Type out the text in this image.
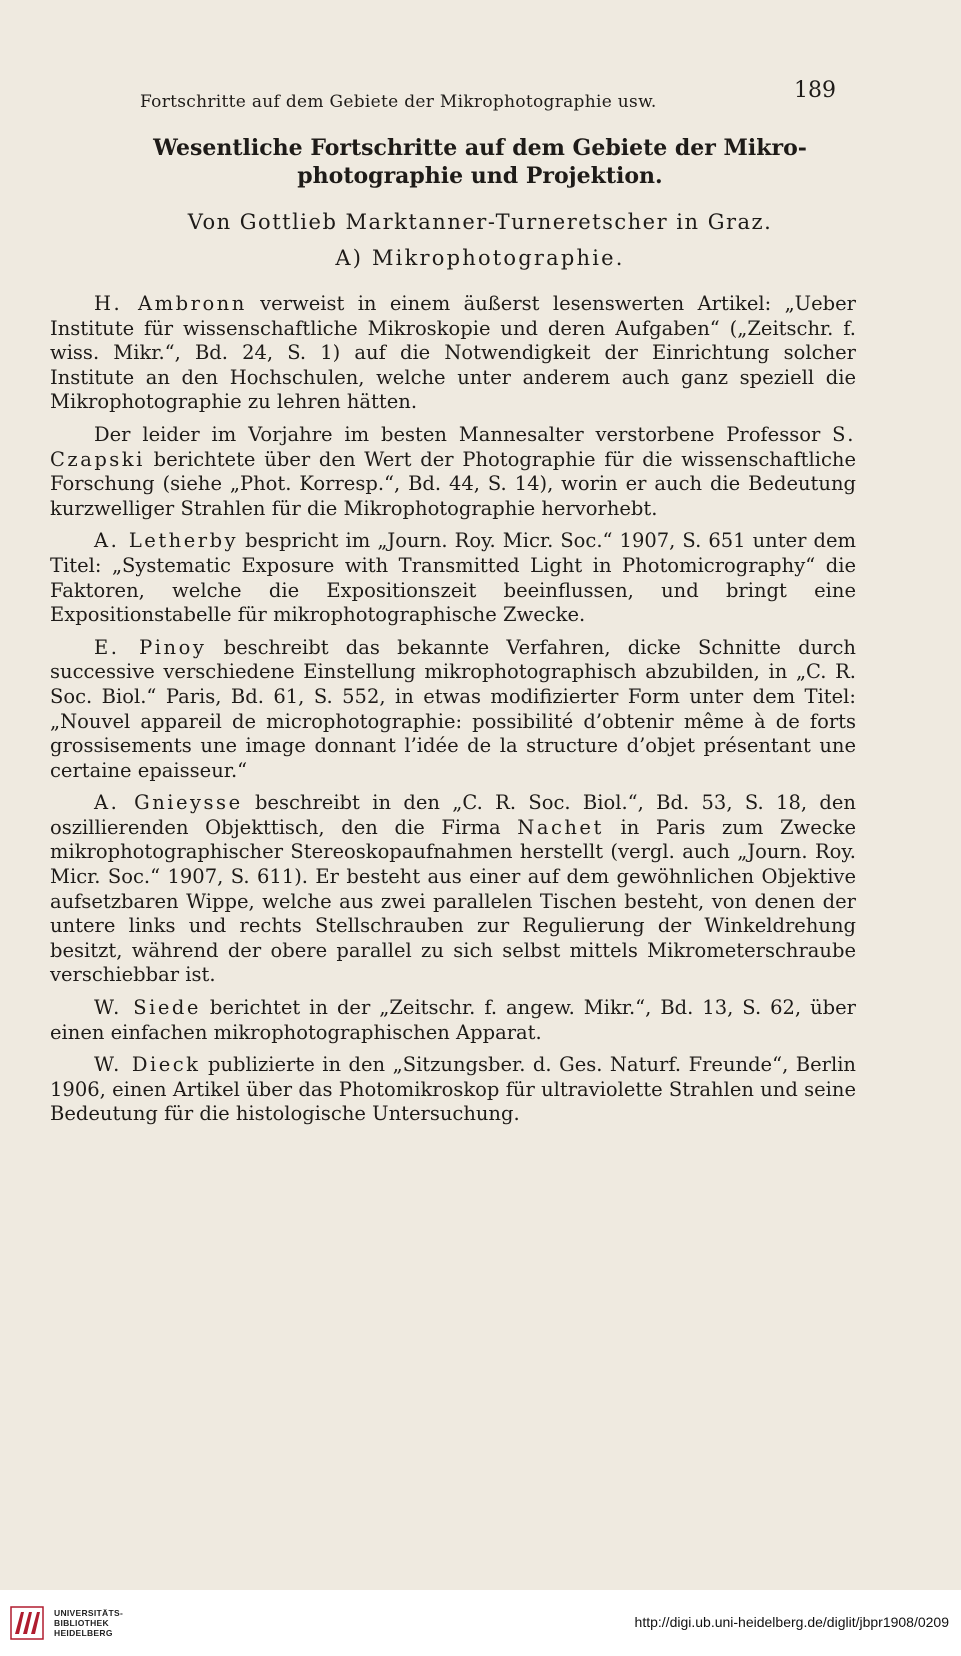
Fortschritte auf dem Gebiete der Mikrophotographie usw.	189
Wesentliche Fortschritte auf dem Gebiete der Mikro-
photographie und Projektion.
Von Gottlieb Marktanner-Turneretscher in Graz.
A) Mikrophotographie.

H. Ambronn verweist in einem äußerst lesenswerten Artikel: „Ueber Institute für wissenschaftliche Mikroskopie und deren Aufgaben“ („Zeitschr. f. wiss. Mikr.“, Bd. 24, S. 1) auf die Notwendigkeit der Einrichtung solcher Institute an den Hochschulen, welche unter anderem auch ganz speziell die Mikrophotographie zu lehren hätten.

Der leider im Vorjahre im besten Mannesalter verstorbene Professor S. Czapski berichtete über den Wert der Photographie für die wissenschaftliche Forschung (siehe „Phot. Korresp.“, Bd. 44, S. 14), worin er auch die Bedeutung kurzwelliger Strahlen für die Mikrophotographie hervorhebt.

A. Letherby bespricht im „Journ. Roy. Micr. Soc.“ 1907, S. 651 unter dem Titel: „Systematic Exposure with Transmitted Light in Photomicrography“ die Faktoren, welche die Expositionszeit beeinflussen, und bringt eine Expositionstabelle für mikrophotographische Zwecke.

E. Pinoy beschreibt das bekannte Verfahren, dicke Schnitte durch successive verschiedene Einstellung mikrophotographisch abzubilden, in „C. R. Soc. Biol.“ Paris, Bd. 61, S. 552, in etwas modifizierter Form unter dem Titel: „Nouvel appareil de microphotographie: possibilité d’obtenir même à de forts grossisements une image donnant l’idée de la structure d’objet présentant une certaine epaisseur.“

A. Gnieysse beschreibt in den „C. R. Soc. Biol.“, Bd. 53, S. 18, den oszillierenden Objekttisch, den die Firma Nachet in Paris zum Zwecke mikrophotographischer Stereoskopaufnahmen herstellt (vergl. auch „Journ. Roy. Micr. Soc.“ 1907, S. 611). Er besteht aus einer auf dem gewöhnlichen Objektive aufsetzbaren Wippe, welche aus zwei parallelen Tischen besteht, von denen der untere links und rechts Stellschrauben zur Regulierung der Winkeldrehung besitzt, während der obere parallel zu sich selbst mittels Mikrometerschraube verschiebbar ist.

W. Siede berichtet in der „Zeitschr. f. angew. Mikr.“, Bd. 13, S. 62, über einen einfachen mikrophotographischen Apparat.

W. Dieck publizierte in den „Sitzungsber. d. Ges. Naturf. Freunde“, Berlin 1906, einen Artikel über das Photomikroskop für ultraviolette Strahlen und seine Bedeutung für die histologische Untersuchung.

UNIVERSITÄTS-
BIBLIOTHEK
HEIDELBERG
http://digi.ub.uni-heidelberg.de/diglit/jbpr1908/0209
